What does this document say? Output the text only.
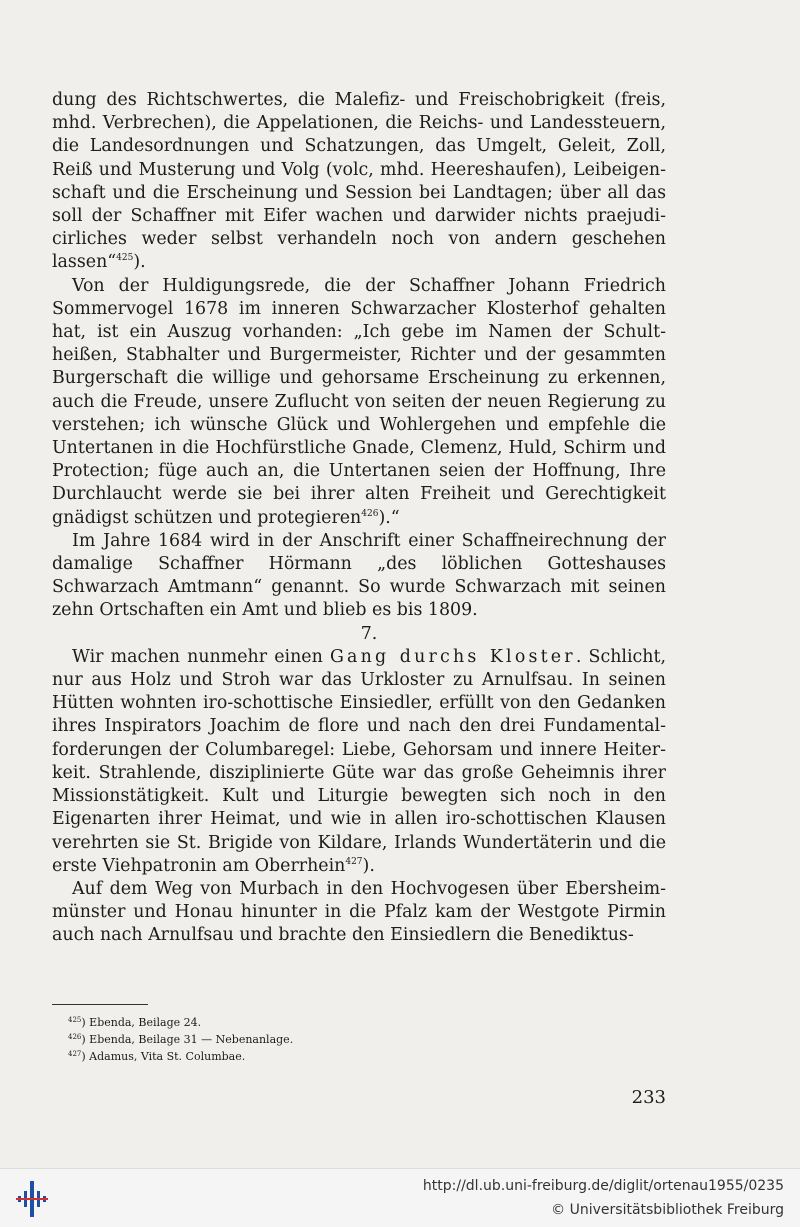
dung des Richtschwertes, die Malefiz- und Freischobrigkeit (freis, mhd. Verbrechen), die Appelationen, die Reichs- und Landessteuern, die Landesordnungen und Schatzungen, das Umgelt, Geleit, Zoll, Reiß und Musterung und Volg (volc, mhd. Heereshaufen), Leibeigenschaft und die Erscheinung und Session bei Landtagen; über all das soll der Schaffner mit Eifer wachen und darwider nichts praejudicirliches weder selbst verhandeln noch von andern geschehen lassen“$^{425}$).

Von der Huldigungsrede, die der Schaffner Johann Friedrich Sommervogel 1678 im inneren Schwarzacher Klosterhof gehalten hat, ist ein Auszug vorhanden: „Ich gebe im Namen der Schultheißen, Stabhalter und Burgermeister, Richter und der gesammten Burgerschaft die willige und gehorsame Erscheinung zu erkennen, auch die Freude, unsere Zuflucht von seiten der neuen Regierung zu verstehen; ich wünsche Glück und Wohlergehen und empfehle die Untertanen in die Hochfürstliche Gnade, Clemenz, Huld, Schirm und Protection; füge auch an, die Untertanen seien der Hoffnung, Ihre Durchlaucht werde sie bei ihrer alten Freiheit und Gerechtigkeit gnädigst schützen und protegieren$^{426}$).“

Im Jahre 1684 wird in der Anschrift einer Schaffneirechnung der damalige Schaffner Hörmann „des löblichen Gotteshauses Schwarzach Amtmann“ genannt. So wurde Schwarzach mit seinen zehn Ortschaften ein Amt und blieb es bis 1809.

7.

Wir machen nunmehr einen Gang durchs Kloster. Schlicht, nur aus Holz und Stroh war das Urkloster zu Arnulfsau. In seinen Hütten wohnten iro-schottische Einsiedler, erfüllt von den Gedanken ihres Inspirators Joachim de flore und nach den drei Fundamentalforderungen der Columbaregel: Liebe, Gehorsam und innere Heiterkeit. Strahlende, disziplinierte Güte war das große Geheimnis ihrer Missionstätigkeit. Kult und Liturgie bewegten sich noch in den Eigenarten ihrer Heimat, und wie in allen iro-schottischen Klausen verehrten sie St. Brigide von Kildare, Irlands Wundertäterin und die erste Viehpatronin am Oberrhein$^{427}$).

Auf dem Weg von Murbach in den Hochvogesen über Ebersheimmünster und Honau hinunter in die Pfalz kam der Westgote Pirmin auch nach Arnulfsau und brachte den Einsiedlern die Benediktus-

$^{425}$) Ebenda, Beilage 24.
$^{426}$) Ebenda, Beilage 31 — Nebenanlage.
$^{427}$) Adamus, Vita St. Columbae.
233
http://dl.ub.uni-freiburg.de/diglit/ortenau1955/0235
© Universitätsbibliothek Freiburg
